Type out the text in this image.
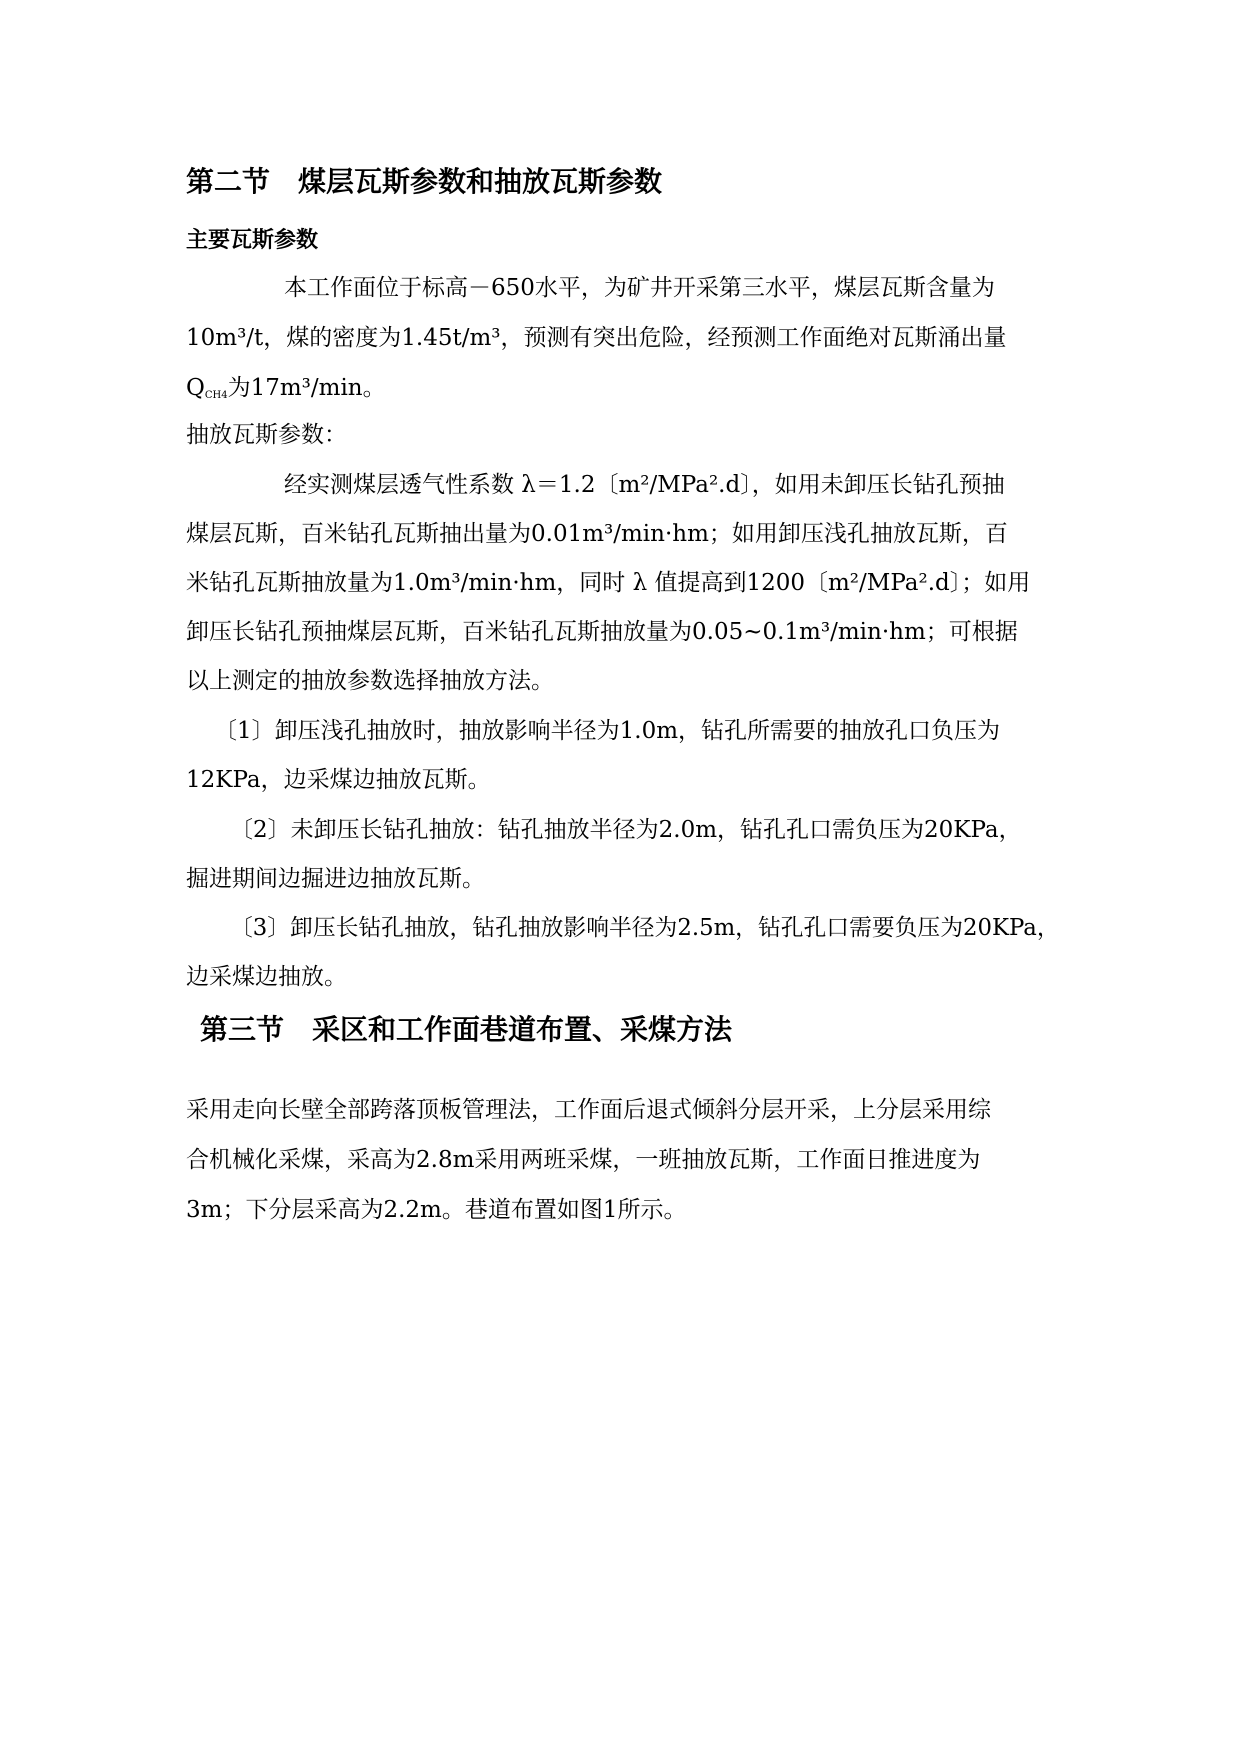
第二节　煤层瓦斯参数和抽放瓦斯参数
主要瓦斯参数
本工作面位于标高－650水平，为矿井开采第三水平，煤层瓦斯含量为
10m³/t，煤的密度为1.45t/m³，预测有突出危险，经预测工作面绝对瓦斯涌出量
$Q_{CH4}$为17m³/min。
抽放瓦斯参数：
经实测煤层透气性系数 λ＝1.2〔m²/MPa².d〕，如用未卸压长钻孔预抽
煤层瓦斯，百米钻孔瓦斯抽出量为0.01m³/min·hm；如用卸压浅孔抽放瓦斯，百
米钻孔瓦斯抽放量为1.0m³/min·hm，同时 λ 值提高到1200〔m²/MPa².d〕；如用
卸压长钻孔预抽煤层瓦斯，百米钻孔瓦斯抽放量为0.05~0.1m³/min·hm；可根据
以上测定的抽放参数选择抽放方法。
〔1〕卸压浅孔抽放时，抽放影响半径为1.0m，钻孔所需要的抽放孔口负压为
12KPa，边采煤边抽放瓦斯。
〔2〕未卸压长钻孔抽放：钻孔抽放半径为2.0m，钻孔孔口需负压为20KPa，
掘进期间边掘进边抽放瓦斯。
〔3〕卸压长钻孔抽放，钻孔抽放影响半径为2.5m，钻孔孔口需要负压为20KPa，
边采煤边抽放。
第三节　采区和工作面巷道布置、采煤方法
采用走向长壁全部跨落顶板管理法，工作面后退式倾斜分层开采，上分层采用综
合机械化采煤，采高为2.8m采用两班采煤，一班抽放瓦斯，工作面日推进度为
3m；下分层采高为2.2m。巷道布置如图1所示。
